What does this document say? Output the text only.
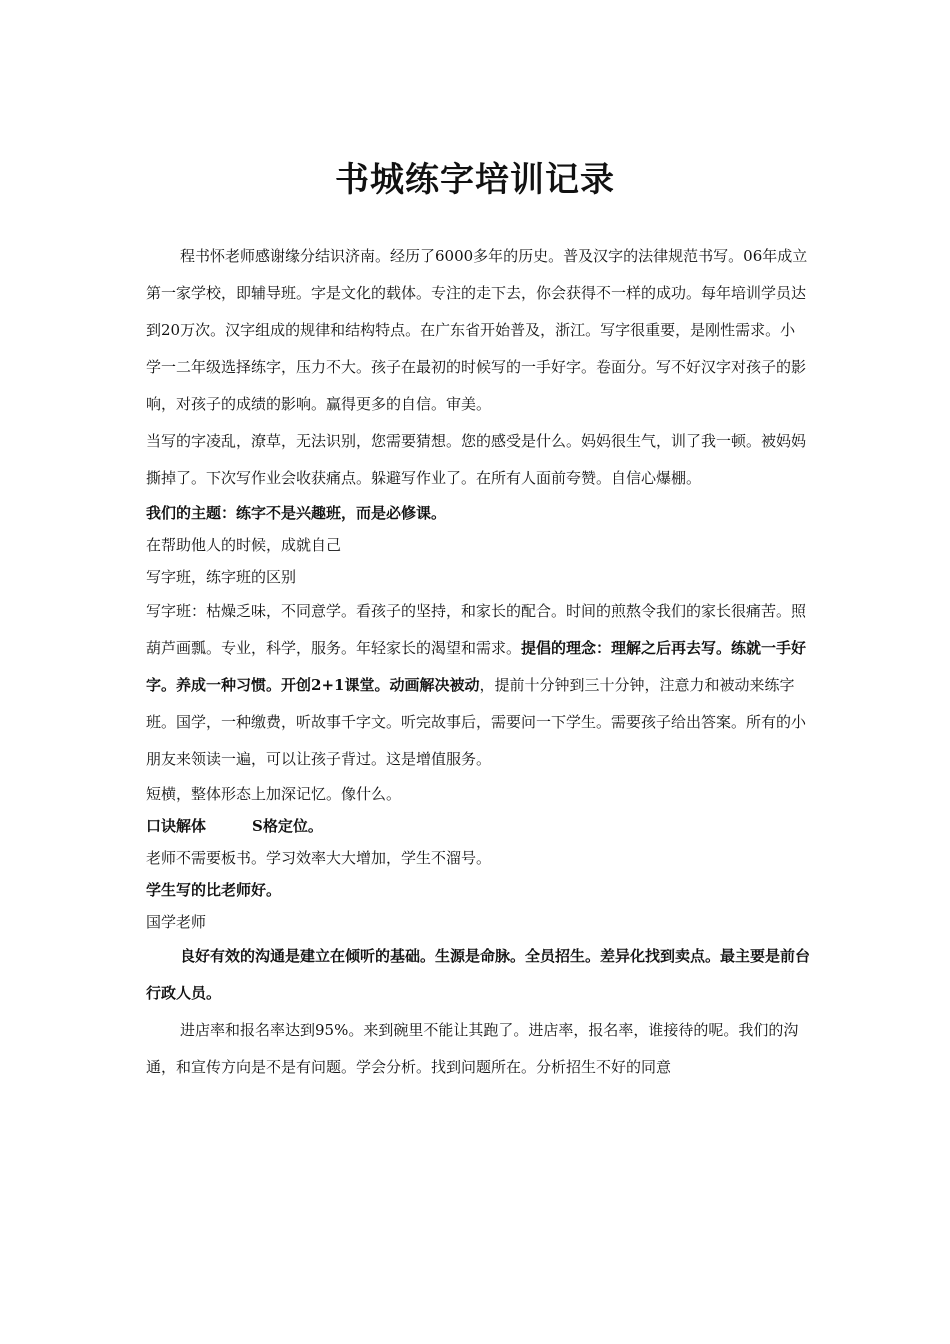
书城练字培训记录

程书怀老师感谢缘分结识济南。经历了6000多年的历史。普及汉字的法律规范书写。06年成立第一家学校，即辅导班。字是文化的载体。专注的走下去，你会获得不一样的成功。每年培训学员达到20万次。汉字组成的规律和结构特点。在广东省开始普及，浙江。写字很重要，是刚性需求。小学一二年级选择练字，压力不大。孩子在最初的时候写的一手好字。卷面分。写不好汉字对孩子的影响，对孩子的成绩的影响。赢得更多的自信。审美。

当写的字凌乱，潦草，无法识别，您需要猜想。您的感受是什么。妈妈很生气，训了我一顿。被妈妈撕掉了。下次写作业会收获痛点。躲避写作业了。在所有人面前夸赞。自信心爆棚。

我们的主题：练字不是兴趣班，而是必修课。

在帮助他人的时候，成就自己

写字班，练字班的区别

写字班：枯燥乏味，不同意学。看孩子的坚持，和家长的配合。时间的煎熬令我们的家长很痛苦。照葫芦画瓢。专业，科学，服务。年轻家长的渴望和需求。提倡的理念：理解之后再去写。练就一手好字。养成一种习惯。开创2+1课堂。动画解决被动，提前十分钟到三十分钟，注意力和被动来练字班。国学，一种缴费，听故事千字文。听完故事后，需要问一下学生。需要孩子给出答案。所有的小朋友来领读一遍，可以让孩子背过。这是增值服务。

短横，整体形态上加深记忆。像什么。

口诀解体	S格定位。

老师不需要板书。学习效率大大增加，学生不溜号。

学生写的比老师好。

国学老师

良好有效的沟通是建立在倾听的基础。生源是命脉。全员招生。差异化找到卖点。最主要是前台行政人员。

进店率和报名率达到95%。来到碗里不能让其跑了。进店率，报名率，谁接待的呢。我们的沟通，和宣传方向是不是有问题。学会分析。找到问题所在。分析招生不好的同意
